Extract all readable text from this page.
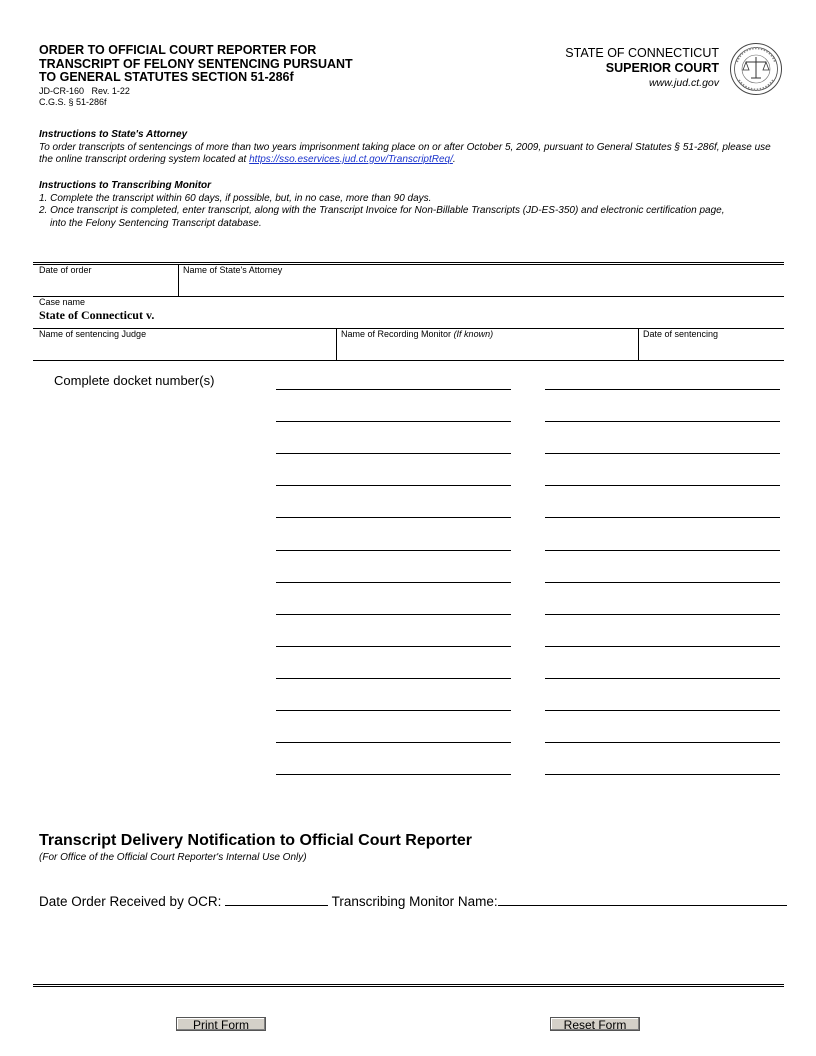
ORDER TO OFFICIAL COURT REPORTER FOR
TRANSCRIPT OF FELONY SENTENCING PURSUANT
TO GENERAL STATUTES SECTION 51-286f
JD-CR-160   Rev. 1-22
C.G.S. § 51-286f
STATE OF CONNECTICUT
SUPERIOR COURT
www.jud.ct.gov
Instructions to State's Attorney
To order transcripts of sentencings of more than two years imprisonment taking place on or after October 5, 2009, pursuant to General Statutes § 51-286f, please use the online transcript ordering system located at https://sso.eservices.jud.ct.gov/TranscriptReq/.
Instructions to Transcribing Monitor
1. Complete the transcript within 60 days, if possible, but, in no case, more than 90 days.
2. Once transcript is completed, enter transcript, along with the Transcript Invoice for Non-Billable Transcripts (JD-ES-350) and electronic certification page,
into the Felony Sentencing Transcript database.
Date of order	Name of State's Attorney
Case name
State of Connecticut v.
Name of sentencing Judge	Name of Recording Monitor (If known)	Date of sentencing
Complete docket number(s)
Transcript Delivery Notification to Official Court Reporter
(For Office of the Official Court Reporter's Internal Use Only)
Date Order Received by OCR:	Transcribing Monitor Name:
Print Form	Reset Form
